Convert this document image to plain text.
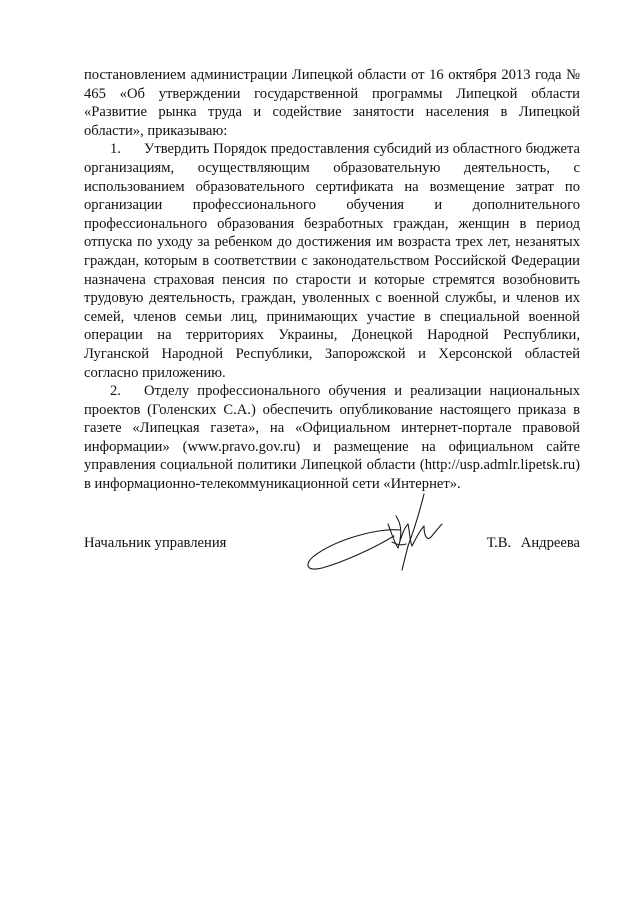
постановлением администрации Липецкой области от 16 октября 2013 года № 465 «Об утверждении государственной программы Липецкой области «Развитие рынка труда и содействие занятости населения в Липецкой области», приказываю:

1. Утвердить Порядок предоставления субсидий из областного бюджета организациям, осуществляющим образовательную деятельность, с использованием образовательного сертификата на возмещение затрат по организации профессионального обучения и дополнительного профессионального образования безработных граждан, женщин в период отпуска по уходу за ребенком до достижения им возраста трех лет, незанятых граждан, которым в соответствии с законодательством Российской Федерации назначена страховая пенсия по старости и которые стремятся возобновить трудовую деятельность, граждан, уволенных с военной службы, и членов их семей, членов семьи лиц, принимающих участие в специальной военной операции на территориях Украины, Донецкой Народной Республики, Луганской Народной Республики, Запорожской и Херсонской областей согласно приложению.

2. Отделу профессионального обучения и реализации национальных проектов (Голенских С.А.) обеспечить опубликование настоящего приказа в газете «Липецкая газета», на «Официальном интернет-портале правовой информации» (www.pravo.gov.ru) и размещение на официальном сайте управления социальной политики Липецкой области (http://usp.admlr.lipetsk.ru) в информационно-телекоммуникационной сети «Интернет».

Начальник управления	Т.В. Андреева
